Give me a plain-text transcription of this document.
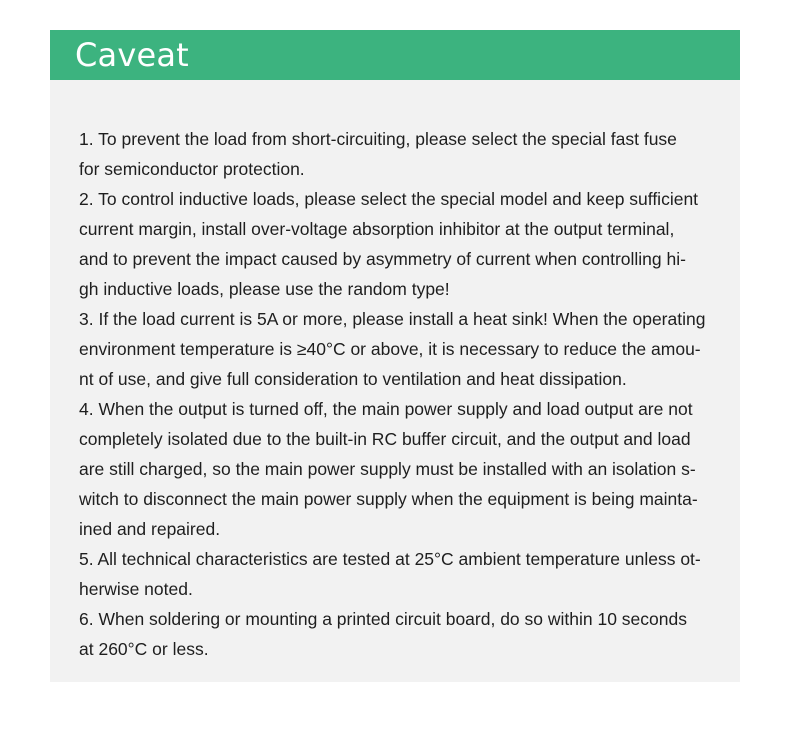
Caveat
1. To prevent the load from short-circuiting, please select the special fast fuse
for semiconductor protection.
2. To control inductive loads, please select the special model and keep sufficient
current margin, install over-voltage absorption inhibitor at the output terminal,
and to prevent the impact caused by asymmetry of current when controlling hi-
gh inductive loads, please use the random type!
3. If the load current is 5A or more, please install a heat sink! When the operating
environment temperature is ≥40°C or above, it is necessary to reduce the amou-
nt of use, and give full consideration to ventilation and heat dissipation.
4. When the output is turned off, the main power supply and load output are not
completely isolated due to the built-in RC buffer circuit, and the output and load
are still charged, so the main power supply must be installed with an isolation s-
witch to disconnect the main power supply when the equipment is being mainta-
ined and repaired.
5. All technical characteristics are tested at 25°C ambient temperature unless ot-
herwise noted.
6. When soldering or mounting a printed circuit board, do so within 10 seconds
at 260°C or less.
